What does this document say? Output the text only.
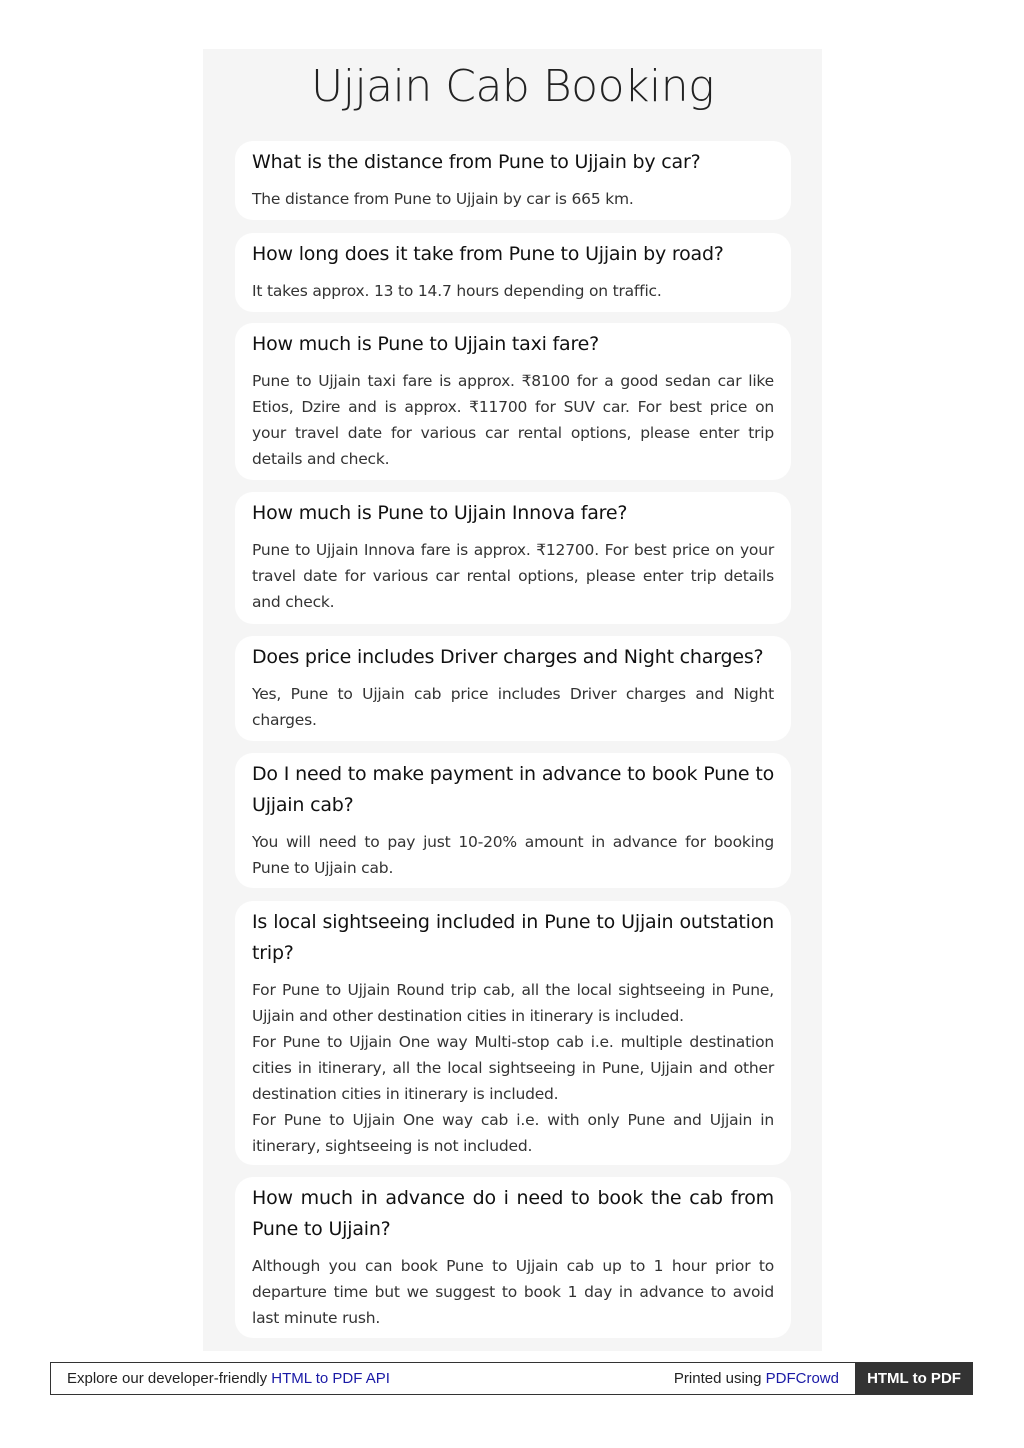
Ujjain Cab Booking
What is the distance from Pune to Ujjain by car?

The distance from Pune to Ujjain by car is 665 km.

How long does it take from Pune to Ujjain by road?

It takes approx. 13 to 14.7 hours depending on traffic.

How much is Pune to Ujjain taxi fare?

Pune to Ujjain taxi fare is approx. ₹8100 for a good sedan car like Etios, Dzire and is approx. ₹11700 for SUV car. For best price on your travel date for various car rental options, please enter trip details and check.

How much is Pune to Ujjain Innova fare?

Pune to Ujjain Innova fare is approx. ₹12700. For best price on your travel date for various car rental options, please enter trip details and check.

Does price includes Driver charges and Night charges?

Yes, Pune to Ujjain cab price includes Driver charges and Night charges.

Do I need to make payment in advance to book Pune to Ujjain cab?

You will need to pay just 10-20% amount in advance for booking Pune to Ujjain cab.

Is local sightseeing included in Pune to Ujjain outstation trip?

For Pune to Ujjain Round trip cab, all the local sightseeing in Pune, Ujjain and other destination cities in itinerary is included.
For Pune to Ujjain One way Multi-stop cab i.e. multiple destination cities in itinerary, all the local sightseeing in Pune, Ujjain and other destination cities in itinerary is included.
For Pune to Ujjain One way cab i.e. with only Pune and Ujjain in itinerary, sightseeing is not included.

How much in advance do i need to book the cab from Pune to Ujjain?

Although you can book Pune to Ujjain cab up to 1 hour prior to departure time but we suggest to book 1 day in advance to avoid last minute rush.

Explore our developer-friendly HTML to PDF API	Printed using PDFCrowd	HTML to PDF
